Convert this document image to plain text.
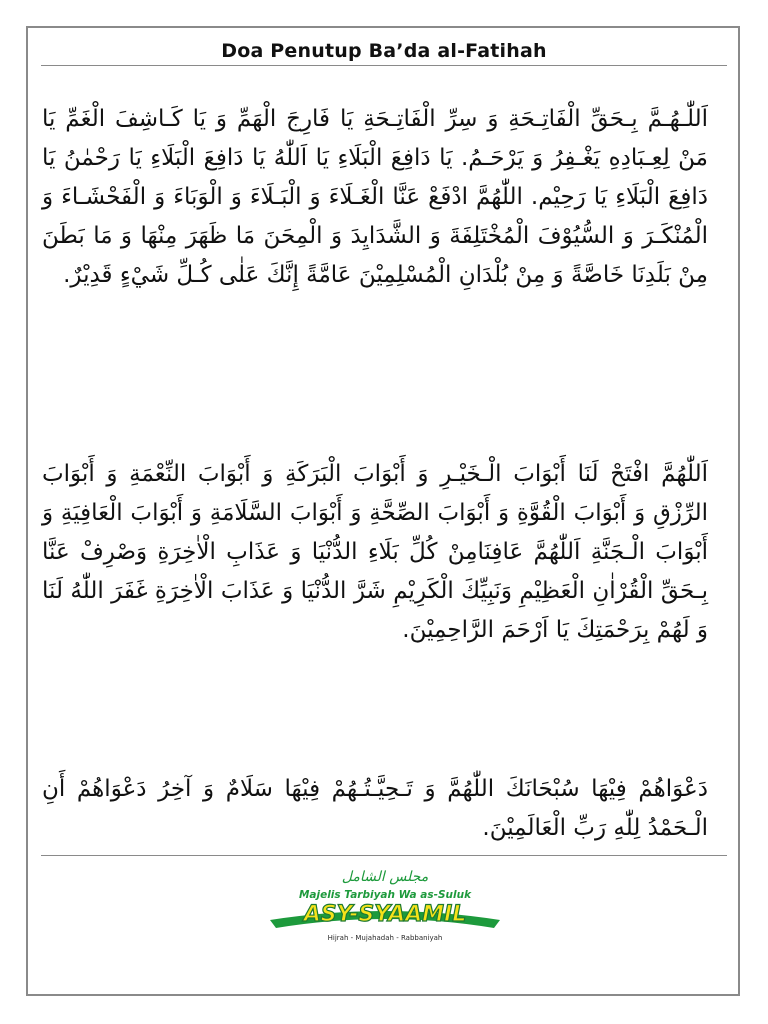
Doa Penutup Ba’da al-Fatihah
اَللّٰـهُـمَّ بِـحَقِّ الْفَاتِـحَةِ وَ سِرِّ الْفَاتِـحَةِ يَا فَارِجَ الْهَمِّ وَ يَا كَـاشِفَ الْغَمِّ يَا مَنْ لِعِـبَادِهِ يَغْـفِرُ وَ يَرْحَـمُ. يَا دَافِعَ الْبَلَاءِ يَا اَللّٰهُ يَا دَافِعَ الْبَلَاءِ يَا رَحْمٰنُ يَا دَافِعَ الْبَلَاءِ يَا رَحِيْم. اللّٰهُمَّ ادْفَعْ عَنَّا الْغَـلَاءَ وَ الْبَـلَاءَ وَ الْوَبَاءَ وَ الْفَحْشَـاءَ وَ الْمُنْكَـرَ وَ السُّيُوْفَ الْمُخْتَلِفَةَ وَ الشَّدَايِدَ وَ الْمِحَنَ مَا ظَهَرَ مِنْهَا وَ مَا بَطَنَ مِنْ بَلَدِنَا خَاصَّةً وَ مِنْ بُلْدَانِ الْمُسْلِمِيْنَ عَامَّةً إِنَّكَ عَلٰى كُـلِّ شَيْءٍ قَدِيْرٌ.
اَللّٰهُمَّ افْتَحْ لَنَا أَبْوَابَ الْـخَيْـرِ وَ أَبْوَابَ الْبَرَكَةِ وَ أَبْوَابَ النِّعْمَةِ وَ أَبْوَابَ الرِّزْقِ وَ أَبْوَابَ الْقُوَّةِ وَ أَبْوَابَ الصِّحَّةِ وَ أَبْوَابَ السَّلَامَةِ وَ أَبْوَابَ الْعَافِيَةِ وَ أَبْوَابَ الْـجَنَّةِ اَللّٰهُمَّ عَافِنَامِنْ كُلِّ بَلَاءِ الدُّنْيَا وَ عَذَابِ الْاٰخِرَةِ وَصْرِفْ عَنَّا بِـحَقِّ الْقُرْاٰنِ الْعَظِيْمِ وَنَبِيِّكَ الْكَرِيْمِ شَرَّ الدُّنْيَا وَ عَذَابَ الْاٰخِرَةِ غَفَرَ اللّٰهُ لَنَا وَ لَهُمْ بِرَحْمَتِكَ يَا اَرْحَمَ الرَّاحِمِيْنَ.
دَعْوَاهُمْ فِيْهَا سُبْحَانَكَ اللّٰهُمَّ وَ تَـحِيَّـتُـهُمْ فِيْهَا سَلَامٌ وَ آخِرُ دَعْوَاهُمْ أَنِ الْـحَمْدُ لِلّٰهِ رَبِّ الْعَالَمِيْنَ.
مجلس الشامل
Majelis Tarbiyah Wa as-Suluk
ASY-SYAAMIL
Hijrah - Mujahadah - Rabbaniyah
